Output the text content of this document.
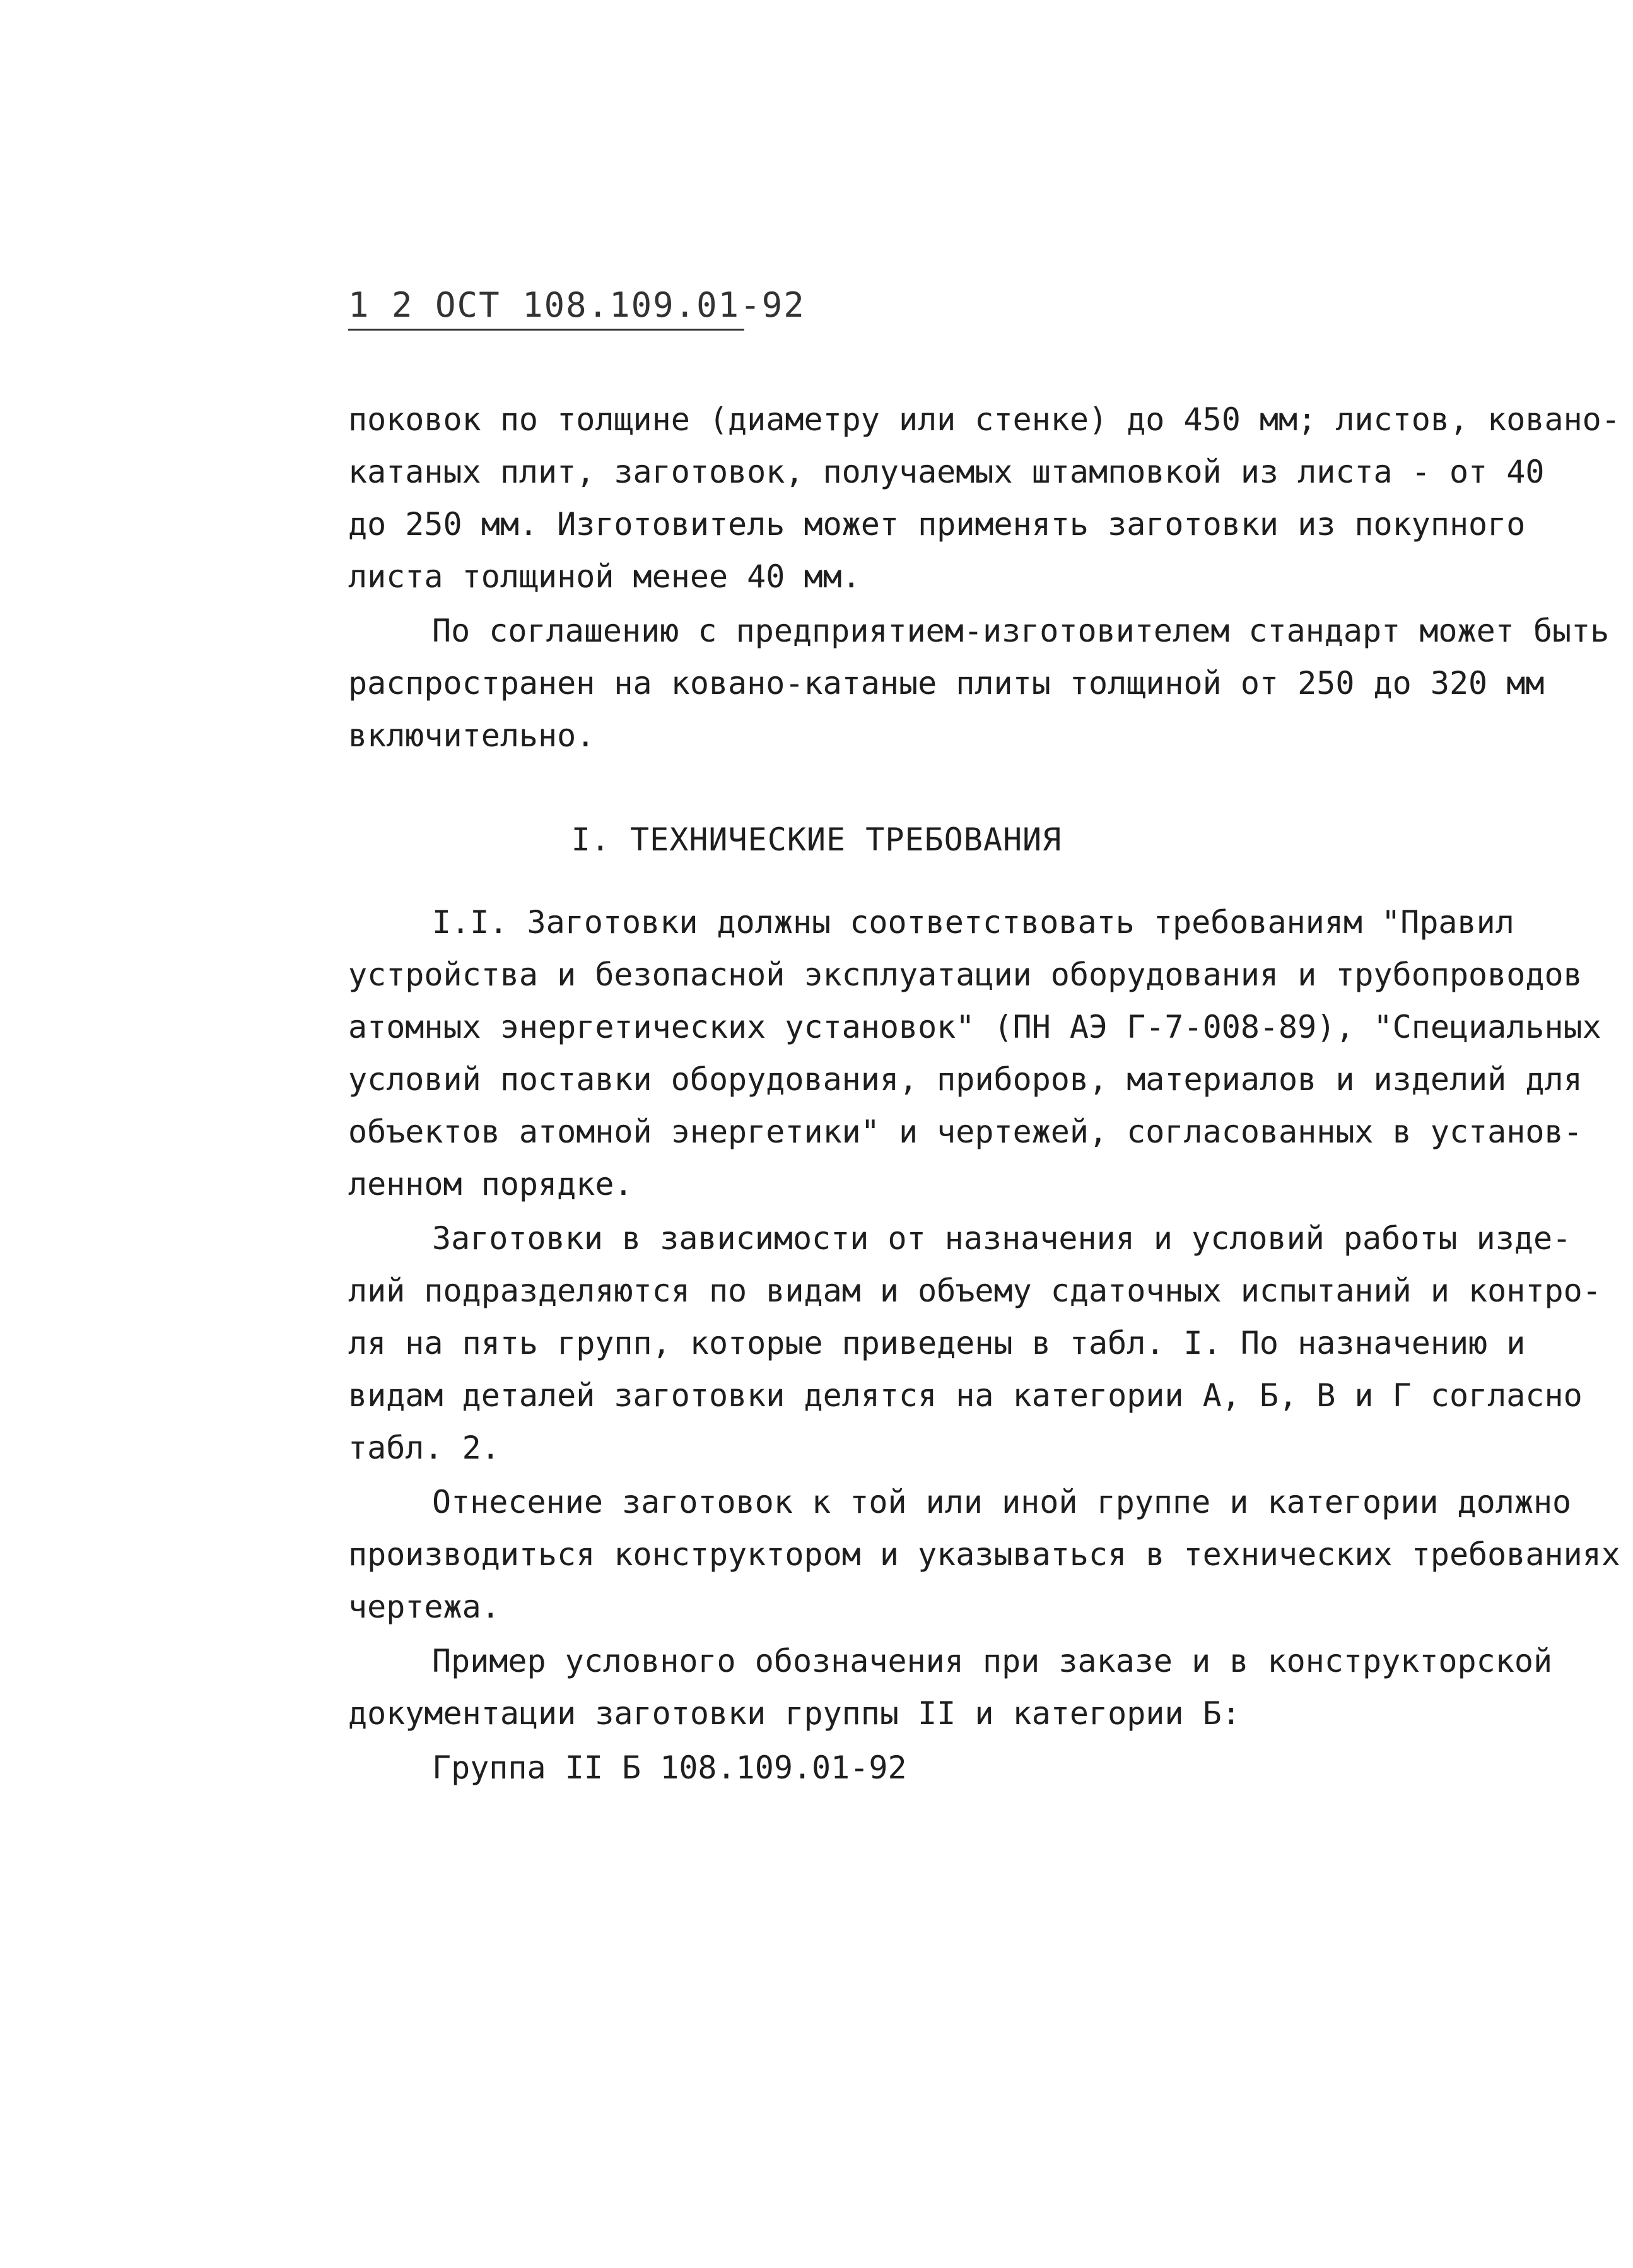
1 2 ОСТ 108.109.01-92
поковок по толщине (диаметру или стенке) до 450 мм; листов, ковано-
катаных плит, заготовок, получаемых штамповкой из листа - от 40
до 250 мм. Изготовитель может применять заготовки из покупного
листа толщиной менее 40 мм.
По соглашению с предприятием-изготовителем стандарт может быть
распространен на ковано-катаные плиты толщиной от 250 до 320 мм
включительно.
I. ТЕХНИЧЕСКИЕ ТРЕБОВАНИЯ
I.I. Заготовки должны соответствовать требованиям "Правил
устройства и безопасной эксплуатации оборудования и трубопроводов
атомных энергетических установок" (ПН АЭ Г-7-008-89), "Специальных
условий поставки оборудования, приборов, материалов и изделий для
объектов атомной энергетики" и чертежей, согласованных в установ-
ленном порядке.
Заготовки в зависимости от назначения и условий работы изде-
лий подразделяются по видам и объему сдаточных испытаний и контро-
ля на пять групп, которые приведены в табл. I. По назначению и
видам деталей заготовки делятся на категории А, Б, В и Г согласно
табл. 2.
Отнесение заготовок к той или иной группе и категории должно
производиться конструктором и указываться в технических требованиях
чертежа.
Пример условного обозначения при заказе и в конструкторской
документации заготовки группы II и категории Б:
Группа II Б 108.109.01-92
